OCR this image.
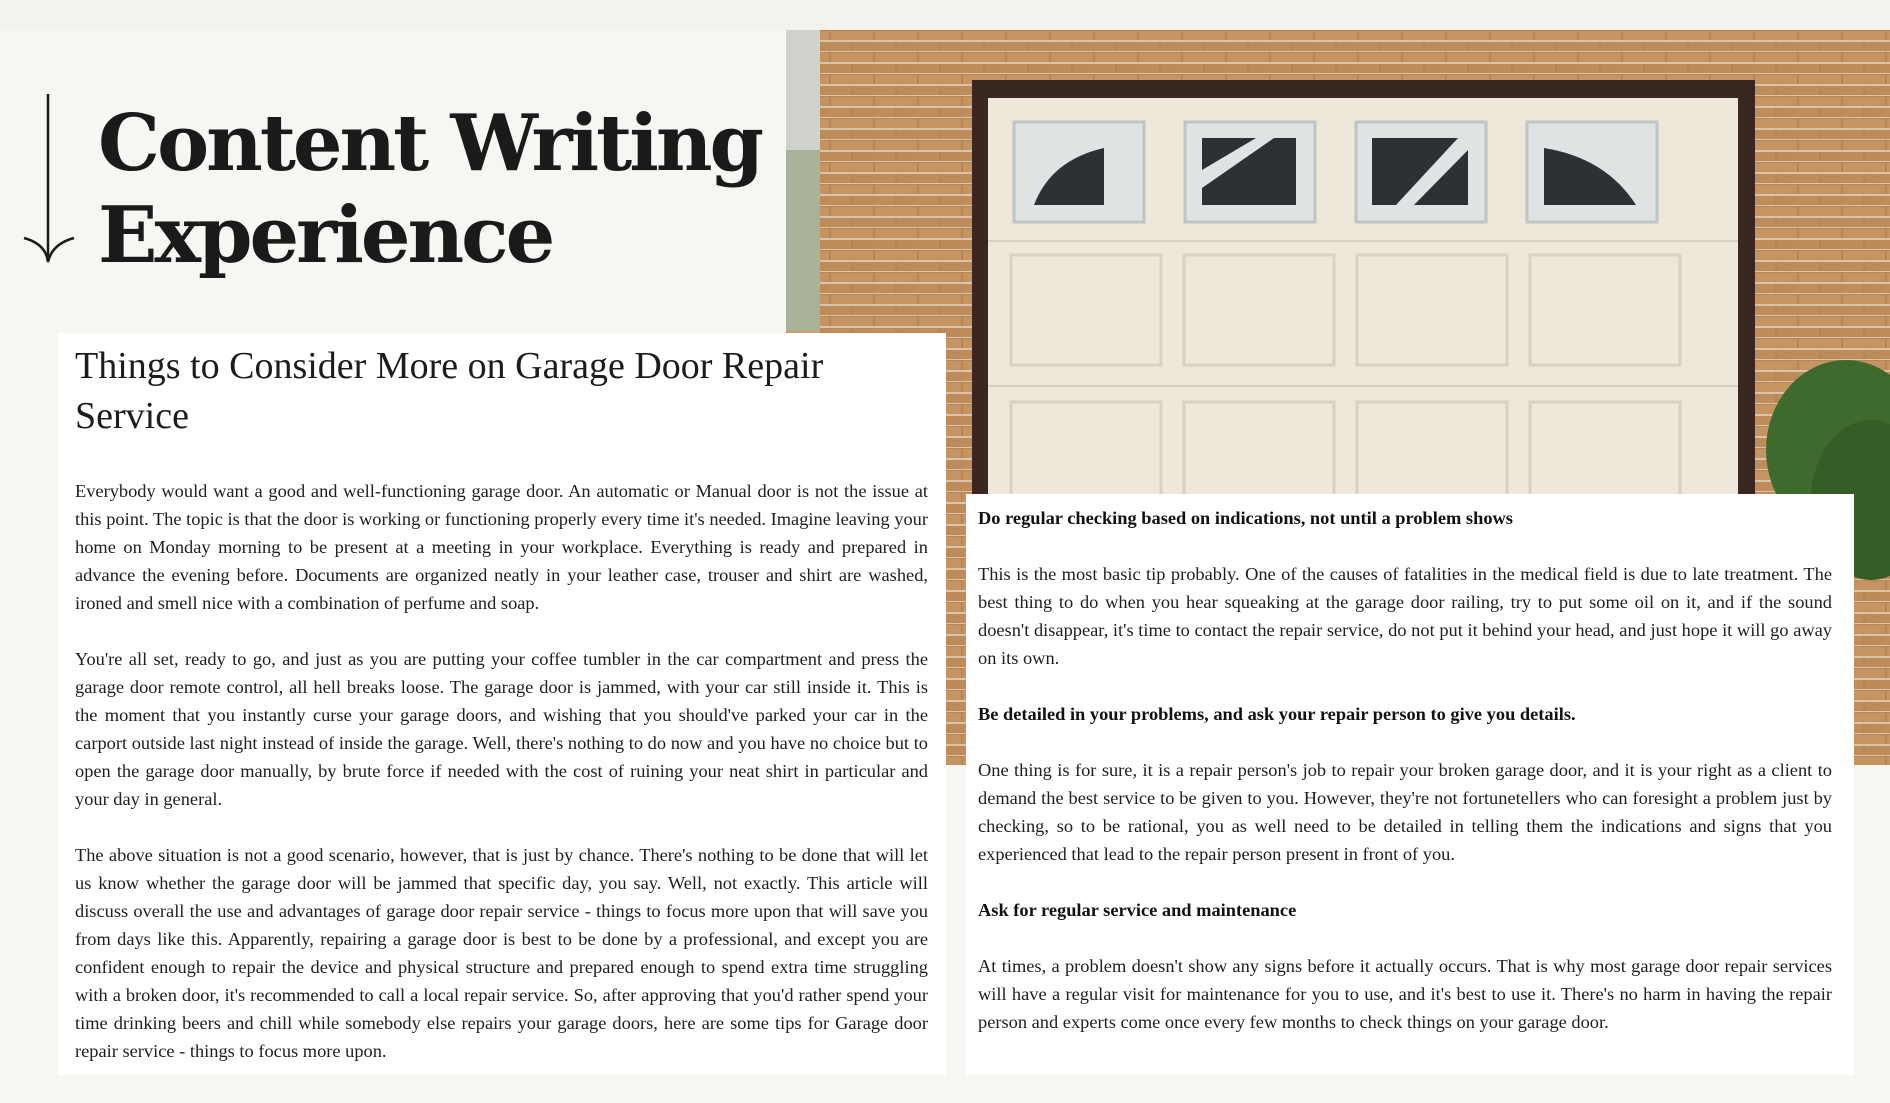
Content Writing
Experience
Things to Consider More on Garage Door Repair Service

Everybody would want a good and well-functioning garage door. An automatic or Manual door is not the issue at this point. The topic is that the door is working or functioning properly every time it's needed. Imagine leaving your home on Monday morning to be present at a meeting in your workplace. Everything is ready and prepared in advance the evening before. Documents are organized neatly in your leather case, trouser and shirt are washed, ironed and smell nice with a combination of perfume and soap.

You're all set, ready to go, and just as you are putting your coffee tumbler in the car compartment and press the garage door remote control, all hell breaks loose. The garage door is jammed, with your car still inside it. This is the moment that you instantly curse your garage doors, and wishing that you should've parked your car in the carport outside last night instead of inside the garage. Well, there's nothing to do now and you have no choice but to open the garage door manually, by brute force if needed with the cost of ruining your neat shirt in particular and your day in general.

The above situation is not a good scenario, however, that is just by chance. There's nothing to be done that will let us know whether the garage door will be jammed that specific day, you say. Well, not exactly. This article will discuss overall the use and advantages of garage door repair service - things to focus more upon that will save you from days like this. Apparently, repairing a garage door is best to be done by a professional, and except you are confident enough to repair the device and physical structure and prepared enough to spend extra time struggling with a broken door, it's recommended to call a local repair service. So, after approving that you'd rather spend your time drinking beers and chill while somebody else repairs your garage doors, here are some tips for Garage door repair service - things to focus more upon.

Do regular checking based on indications, not until a problem shows

This is the most basic tip probably. One of the causes of fatalities in the medical field is due to late treatment. The best thing to do when you hear squeaking at the garage door railing, try to put some oil on it, and if the sound doesn't disappear, it's time to contact the repair service, do not put it behind your head, and just hope it will go away on its own.

Be detailed in your problems, and ask your repair person to give you details.

One thing is for sure, it is a repair person's job to repair your broken garage door, and it is your right as a client to demand the best service to be given to you. However, they're not fortunetellers who can foresight a problem just by checking, so to be rational, you as well need to be detailed in telling them the indications and signs that you experienced that lead to the repair person present in front of you.

Ask for regular service and maintenance

At times, a problem doesn't show any signs before it actually occurs. That is why most garage door repair services will have a regular visit for maintenance for you to use, and it's best to use it. There's no harm in having the repair person and experts come once every few months to check things on your garage door.
